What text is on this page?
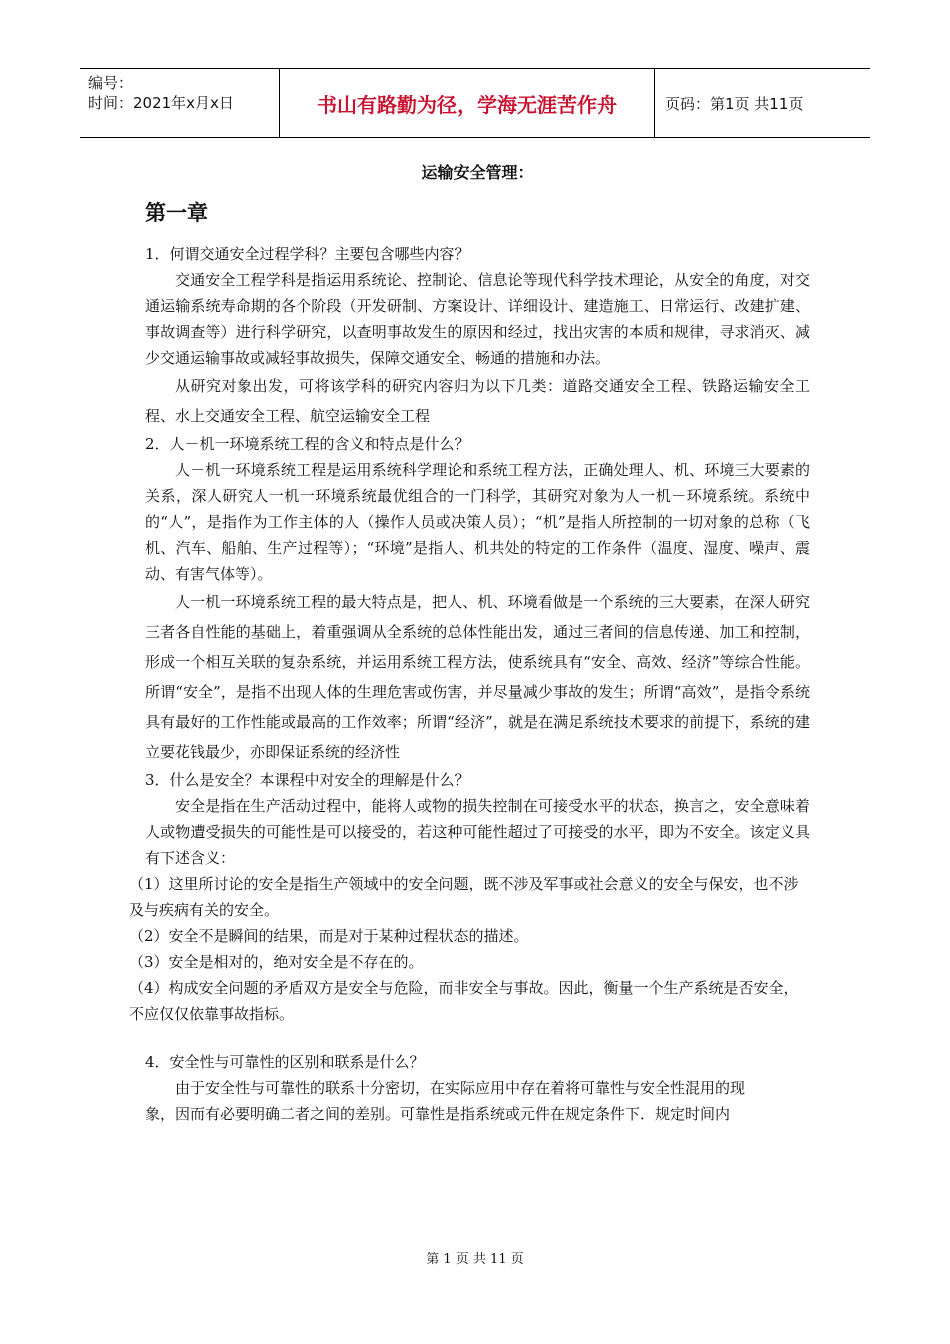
编号：
时间：2021年x月x日	书山有路勤为径，学海无涯苦作舟	页码：第1页 共11页
运输安全管理：
第一章

1．何谓交通安全过程学科？主要包含哪些内容？

交通安全工程学科是指运用系统论、控制论、信息论等现代科学技术理论，从安全的角度，对交通运输系统寿命期的各个阶段（开发研制、方案设计、详细设计、建造施工、日常运行、改建扩建、事故调查等）进行科学研究，以查明事故发生的原因和经过，找出灾害的本质和规律，寻求消灭、减少交通运输事故或减轻事故损失，保障交通安全、畅通的措施和办法。

从研究对象出发，可将该学科的研究内容归为以下几类：道路交通安全工程、铁路运输安全工程、水上交通安全工程、航空运输安全工程

2．人－机一环境系统工程的含义和特点是什么？

人－机一环境系统工程是运用系统科学理论和系统工程方法，正确处理人、机、环境三大要素的关系，深人研究人一机一环境系统最优组合的一门科学，其研究对象为人一机－环境系统。系统中的“人”，是指作为工作主体的人（操作人员或决策人员）；“机”是指人所控制的一切对象的总称（飞机、汽车、船舶、生产过程等）；“环境”是指人、机共处的特定的工作条件（温度、湿度、噪声、震动、有害气体等）。

人一机一环境系统工程的最大特点是，把人、机、环境看做是一个系统的三大要素，在深人研究三者各自性能的基础上，着重强调从全系统的总体性能出发，通过三者间的信息传递、加工和控制，形成一个相互关联的复杂系统，并运用系统工程方法，使系统具有“安全、高效、经济”等综合性能。所谓“安全”，是指不出现人体的生理危害或伤害，并尽量减少事故的发生；所谓“高效”，是指令系统具有最好的工作性能或最高的工作效率；所谓“经济”，就是在满足系统技术要求的前提下，系统的建立要花钱最少，亦即保证系统的经济性

3．什么是安全？本课程中对安全的理解是什么？

安全是指在生产活动过程中，能将人或物的损失控制在可接受水平的状态，换言之，安全意味着人或物遭受损失的可能性是可以接受的，若这种可能性超过了可接受的水平，即为不安全。该定义具有下述含义：

（1）这里所讨论的安全是指生产领域中的安全问题，既不涉及军事或社会意义的安全与保安，也不涉及与疾病有关的安全。

（2）安全不是瞬间的结果，而是对于某种过程状态的描述。

（3）安全是相对的，绝对安全是不存在的。

（4）构成安全问题的矛盾双方是安全与危险，而非安全与事故。因此，衡量一个生产系统是否安全，不应仅仅依靠事故指标。

4．安全性与可靠性的区别和联系是什么？

由于安全性与可靠性的联系十分密切，在实际应用中存在着将可靠性与安全性混用的现

象，因而有必要明确二者之间的差别。可靠性是指系统或元件在规定条件下．规定时间内

第 1 页 共 11 页
